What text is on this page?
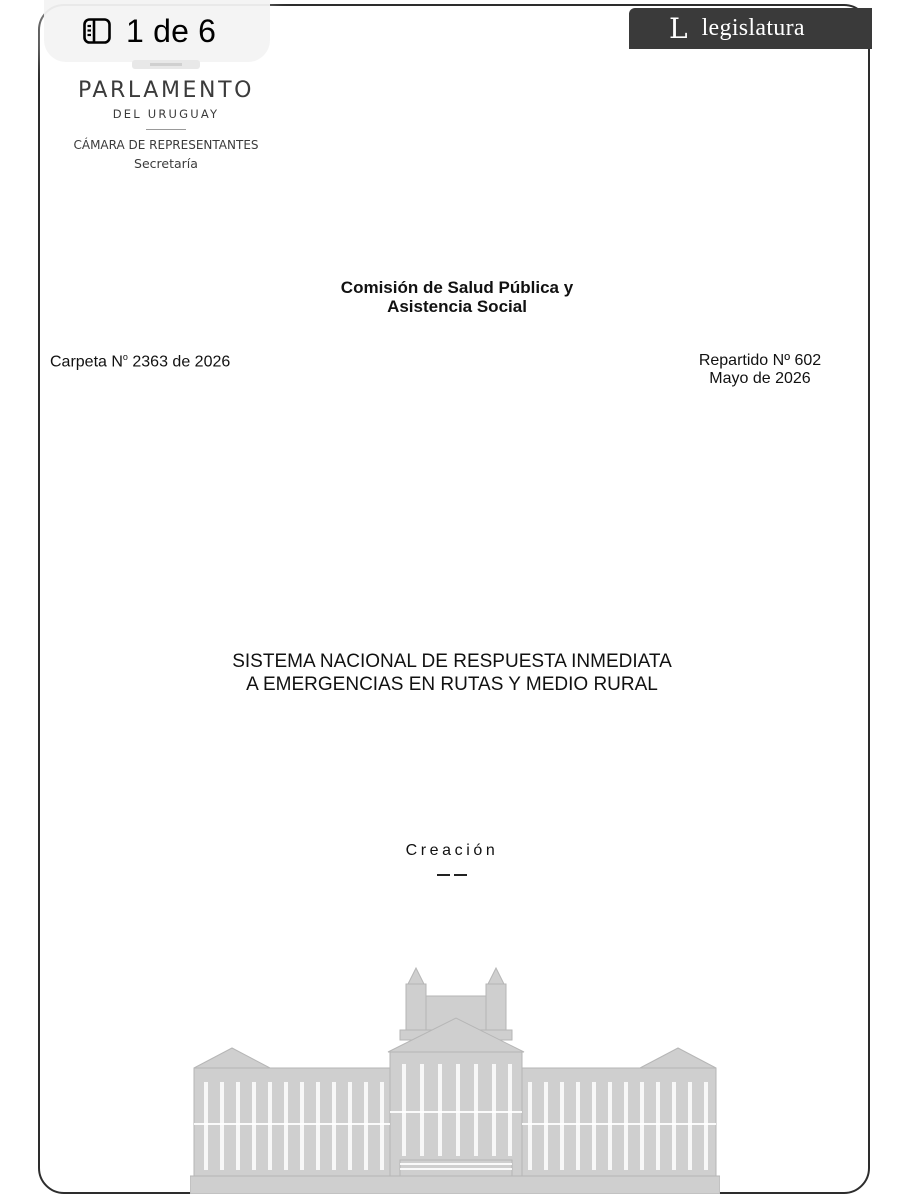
1 de 6	L legislatura
PARLAMENTO
DEL URUGUAY
CÁMARA DE REPRESENTANTES
Secretaría
Comisión de Salud Pública y
Asistencia Social
Carpeta $N^o$ 2363 de 2026	Repartido Nº 602
Mayo de 2026
SISTEMA NACIONAL DE RESPUESTA INMEDIATA
A EMERGENCIAS EN RUTAS Y MEDIO RURAL
Creación
